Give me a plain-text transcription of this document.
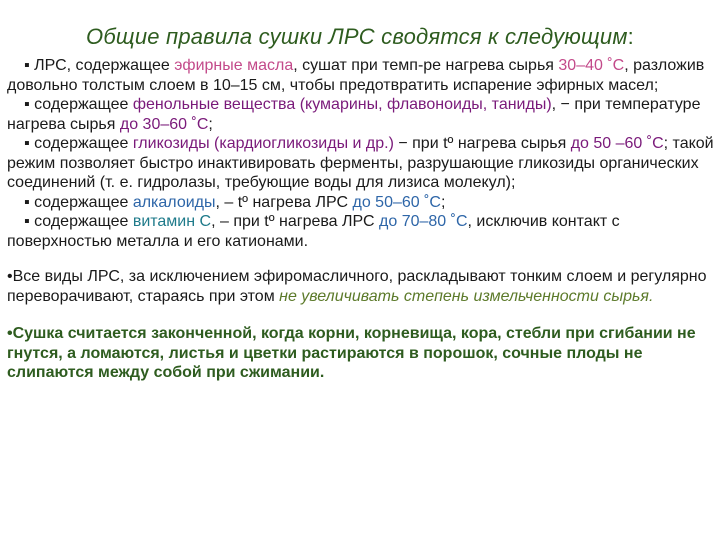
Общие правила сушки ЛРС сводятся к следующим:

▪ ЛРС, содержащее эфирные масла, сушат при темп-ре нагрева сырья 30–40 ˚С, разложив довольно толстым слоем в 10–15 см, чтобы предотвратить испарение эфирных масел;

▪ содержащее фенольные вещества (кумарины, флавоноиды, таниды), − при температуре нагрева сырья до 30–60 ˚С;

▪ содержащее гликозиды (кардиогликозиды и др.) − при tº нагрева сырья до 50 –60 ˚С; такой режим позволяет быстро инактивировать ферменты, разрушающие гликозиды органических соединений (т. е. гидролазы, требующие воды для лизиса молекул);

▪ содержащее алкалоиды, – tº нагрева ЛРС до 50–60 ˚С;

▪ содержащее витамин С, – при tº нагрева ЛРС до 70–80 ˚С, исключив контакт с поверхностью металла и его катионами.

•Все виды ЛРС, за исключением эфиромасличного, раскладывают тонким слоем и регулярно переворачивают, стараясь при этом не увеличивать степень измельченности сырья.

•Сушка считается законченной, когда корни, корневища, кора, стебли при сгибании не гнутся, а ломаются, листья и цветки растираются в порошок, сочные плоды не слипаются между собой при сжимании.
